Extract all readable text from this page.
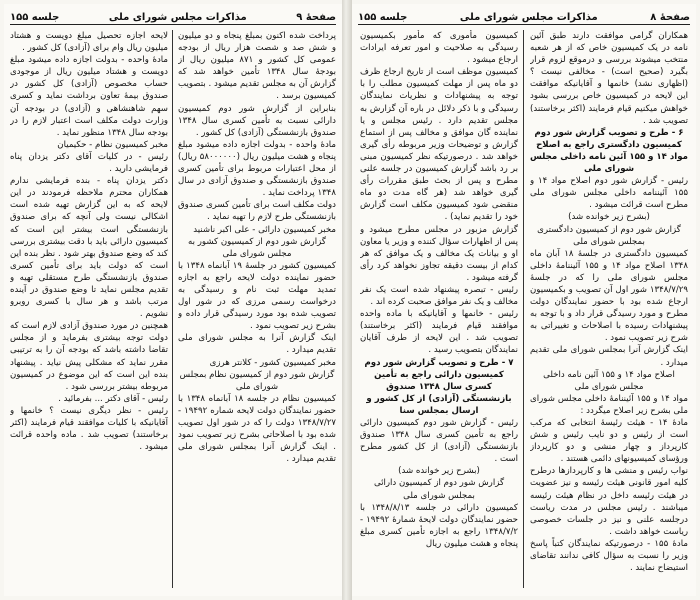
صفحهٔ ۹
مذاکرات مجلس شورای ملی
جلسه ۱۵۵

پرداخت شده اکنون بمبلغ پنجاه و دو میلیون و شش صد و شصت هزار ریال از بودجه عمومی کل کشور و ۸۷۱ میلیون ریال از بودجهٔ سال ۱۳۴۸ تأمین خواهد شد که گزارش آن به مجلس تقدیم میشود . بتصویب کمیسیون برسد .

بنابراین از گزارش شور دوم کمیسیون دارائی نسبت به تأمین کسری سال ۱۳۴۸ صندوق بازنشستگی (آزادی) کل کشور .

مادهٔ واحده - بدولت اجازه داده میشود مبلغ پنجاه و هشت میلیون ریال (۵۸۰۰۰۰۰۰ ریال) از محل اعتبارات مربوط برای تأمین کسری صندوق بازنشستگی و صندوق آزادی در سال ۱۳۴۸ پرداخت نماید .

دولت مکلف است برای تأمین کسری صندوق بازنشستگی طرح لازم را تهیه نماید .

مخبر کمیسیون دارائی - علی اکبر ناشنید

گزارش شور دوم از کمیسیون کشور به مجلس شورای ملی

کمیسیون کشور در جلسهٔ ۱۹ آبانماه ۱۳۴۸ با حضور نماینده دولت لایحه راجع به اجازه تمدید مهلت ثبت نام و رسیدگی به درخواست رسمی مرزی که در شور اول تصویب شده بود مورد رسیدگی قرار داده و بشرح زیر تصویب نمود .

اینک گزارش آنرا به مجلس شورای ملی تقدیم میدارد .

مخبر کمیسیون کشور - کلانتر هرزی

گزارش شور دوم از کمیسیون نظام بمجلس شورای ملی

کمیسیون نظام در جلسه ۱۸ آبانماه ۱۳۴۸ با حضور نمایندگان دولت لایحه شماره ۱۹۴۹۲ - ۱۳۴۸/۷/۲۷ دولت را که در شور اول تصویب شده بود با اصلاحاتی بشرح زیر تصویب نمود . اینک گزارش آنرا بمجلس شورای ملی تقدیم میدارد .

لایحه اجازه تحصیل مبلغ دویست و هشتاد میلیون ریال وام برای (آزادی) کل کشور .

مادهٔ واحده - بدولت اجازه داده میشود مبلغ دویست و هشتاد میلیون ریال از موجودی حساب مخصوص (آزادی) کل کشور در صندوق بیمهٔ تعاون برداشت نماید و کسری سهم شاهنشاهی و (آزادی) در بودجه آن وزارت دولت مکلف است اعتبار لازم را در بودجه سال ۱۳۴۸ منظور نماید .

مخبر کمیسیون نظام - حکیمیان

رئیس - در کلیات آقای دکتر یزدان پناه فرمایشی دارید .

دکتر یزدان پناه - بنده فرمایشی ندارم همکاران محترم ملاحظه فرمودند در این لایحه که به این گزارش تهیه شده است اشکالی نیست ولی آنچه که برای صندوق بازنشستگی است بیشتر این است که کمیسیون دارائی باید با دقت بیشتری بررسی کند که وضع صندوق بهتر شود . نظر بنده این است که دولت باید برای تأمین کسری صندوق بازنشستگی طرح مستقلی تهیه و تقدیم مجلس نماید تا وضع صندوق در آینده مرتب باشد و هر سال با کسری روبرو نشویم .

همچنین در مورد صندوق آزادی لازم است که دولت توجه بیشتری بفرماید و از مجلس تقاضا داشته باشد که بودجه آن را به ترتیبی مقرر نماید که مشکلی پیش نیاید . پیشنهاد بنده این است که این موضوع در کمیسیون مربوطه بیشتر بررسی شود .

رئیس - آقای دکتر ... بفرمائید .

رئیس - نظر دیگری نیست ؟ خانمها و آقایانیکه با کلیات موافقند قیام فرمایند (اکثر برخاستند) تصویب شد . ماده واحده قرائت میشود .

صفحهٔ ۸
مذاکرات مجلس شورای ملی
جلسه ۱۵۵

همکاران گرامی موافقت دارند طبق آئین نامه در یک کمیسیون خاص که از هر شعبه منتخب میشوند بررسی و درموقع لزوم قرار بگیرد (صحیح است) - مخالفی نیست ؟ (اظهاری نشد) خانمها و آقایانیکه موافقت این لایحه در کمیسیون خاص بررسی بشود خواهش میکنیم قیام فرمایند (اکثر برخاستند) تصویب شد .

۶ - طرح و تصویب گزارش شور دوم کمیسیون دادگستری راجع به اصلاح مواد ۱۴ و ۱۵۵ آئین نامه داخلی مجلس شورای ملی

رئیس - گزارش شور دوم اصلاح مواد ۱۴ و ۱۵۵ آئیننامه داخلی مجلس شورای ملی مطرح است قرائت میشود .

(بشرح زیر خوانده شد)

گزارش شور دوم از کمیسیون دادگستری بمجلس شورای ملی

کمیسیون دادگستری در جلسهٔ ۱۸ آبان ماه ۱۳۴۸ اصلاح مواد ۱۴ و ۱۵۵ آئیننامهٔ داخلی مجلس شورای ملی را که در جلسهٔ ۱۳۴۸/۷/۲۹ شور اول آن تصویب و بکمیسیون ارجاع شده بود با حضور نمایندگان دولت مطرح و مورد رسیدگی قرار داد و با توجه به پیشنهادات رسیده با اصلاحات و تغییراتی به شرح زیر تصویب نمود .

اینک گزارش آنرا بمجلس شورای ملی تقدیم میدارد .

اصلاح مواد ۱۴ و ۱۵۵ آئین نامه داخلی مجلس شورای ملی

مواد ۱۴ و ۱۵۵ آئیننامهٔ داخلی مجلس شورای ملی بشرح زیر اصلاح میگردد :

مادهٔ ۱۴ - هیئت رئیسهٔ انتخابی که مرکب است از رئیس و دو نایب رئیس و شش کارپرداز و چهار منشی و دو کارپرداز ورؤسای کمیسیونهای دائمی هستند .

نواب رئیس و منشی ها و کارپردازها درطرح کلیه امور قانونی هیئت رئیسه و نیز عضویت در هیئت رئیسه داخل در نظام هیئت رئیسه میباشند . رئیس مجلس در مدت ریاست درجلسه علنی و نیز در جلسات خصوصی ریاست خواهد داشت .

مادهٔ ۱۵۵ - درصورتیکه نمایندگان کتباً پاسخ وزیر را نسبت به سؤال کافی ندانند تقاضای استیضاح نمایند .

کمیسیون مأموری که مأمور بکمیسیون رسیدگی به صلاحیت و امور تعرفه ایرادات ارجاع میشود .

کمیسیون موظف است از تاریخ ارجاع ظرف دو ماه پس از مهلت کمیسیون مطلب را با توجه به پیشنهادات و نظریات نمایندگان رسیدگی و با ذکر دلائل در باره آن گزارش به مجلس تقدیم دارد . رئیس مجلس و یا نماینده گان موافق و مخالف پس از استماع گزارش و توضیحات وزیر مربوطه رأی گیری خواهد شد . درصورتیکه نظر کمیسیون مبنی بر رد باشد گزارش کمیسیون در جلسه علنی مطرح و پس از بحث طبق مقررات رأی گیری خواهد شد (هر گاه مدت دو ماه منقضی شود کمیسیون مکلف است گزارش خود را تقدیم نماید) .

گزارش مزبور در مجلس مطرح میشود و پس از اظهارات سؤال کننده و وزیر یا معاون او و بیانات یک مخالف و یک موافق که هر کدام از بیست دقیقه تجاوز نخواهد کرد رأی گرفته میشود .

رئیس - تبصره پیشنهاد شده است یک نفر مخالف و یک نفر موافق صحبت کرده اند .

رئیس - خانمها و آقایانیکه با ماده واحده موافقند قیام فرمایند (اکثر برخاستند) تصویب شد . این لایحه از طرف آقایان نمایندگان بتصویب رسید .

۷ - طرح و تصویب گزارش شور دوم کمیسیون دارائی راجع به تأمین کسری سال ۱۳۴۸ صندوق بازنشستگی (آزادی) از کل کشور و ارسال بمجلس سنا

رئیس - گزارش شور دوم کمیسیون دارائی راجع به تأمین کسری سال ۱۳۴۸ صندوق بازنشستگی (آزادی) از کل کشور مطرح است .

(بشرح زیر خوانده شد)

گزارش شور دوم از کمیسیون دارائی بمجلس شورای ملی

کمیسیون دارائی در جلسه ۱۳۴۸/۸/۱۳ با حضور نمایندگان دولت لایحهٔ شمارهٔ ۱۹۴۹۲ - ۱۳۴۸/۷/۲ راجع به اجازه تأمین کسری مبلغ پنجاه و هشت میلیون ریال
